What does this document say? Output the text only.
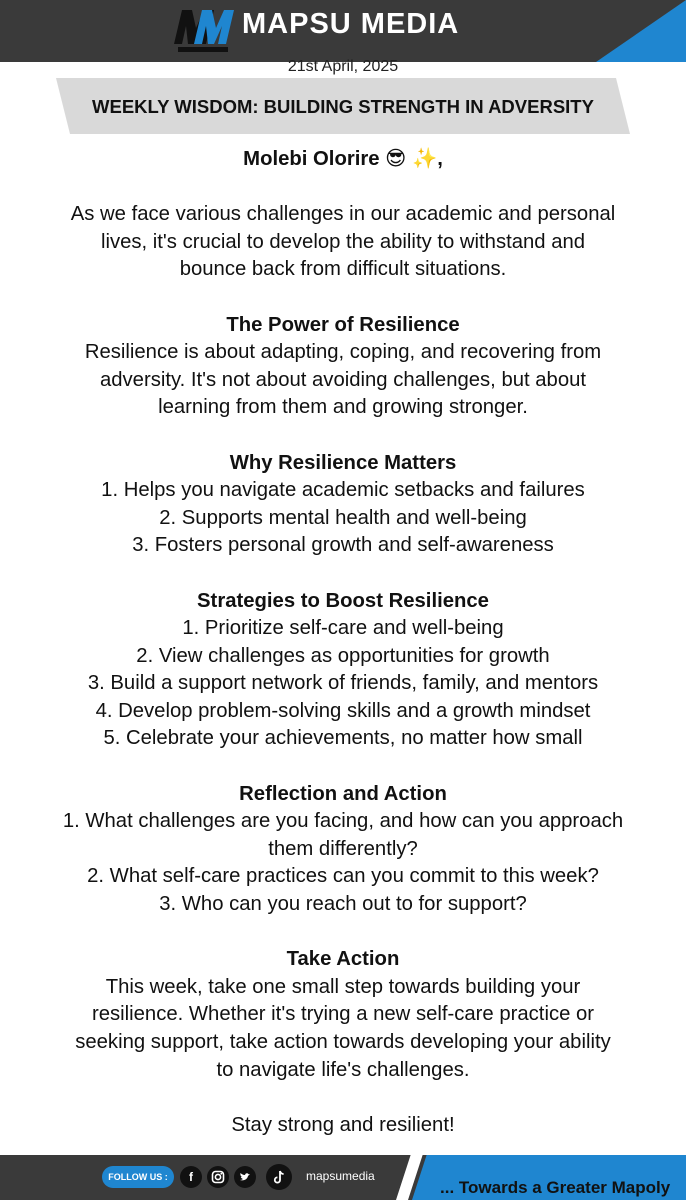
MAPSU MEDIA
21st April, 2025
WEEKLY WISDOM: BUILDING STRENGTH IN ADVERSITY

Molebi Olorire 😎 ✨,

As we face various challenges in our academic and personal

lives, it's crucial to develop the ability to withstand and

bounce back from difficult situations.

The Power of Resilience

Resilience is about adapting, coping, and recovering from

adversity. It's not about avoiding challenges, but about

learning from them and growing stronger.

Why Resilience Matters

1. Helps you navigate academic setbacks and failures

2. Supports mental health and well-being

3. Fosters personal growth and self-awareness

Strategies to Boost Resilience

1. Prioritize self-care and well-being

2. View challenges as opportunities for growth

3. Build a support network of friends, family, and mentors

4. Develop problem-solving skills and a growth mindset

5. Celebrate your achievements, no matter how small

Reflection and Action

1. What challenges are you facing, and how can you approach

them differently?

2. What self-care practices can you commit to this week?

3. Who can you reach out to for support?

Take Action

This week, take one small step towards building your

resilience. Whether it's trying a new self-care practice or

seeking support, take action towards developing your ability

to navigate life's challenges.

Stay strong and resilient!

FOLLOW US :	f	mapsumedia
... Towards a Greater Mapoly
